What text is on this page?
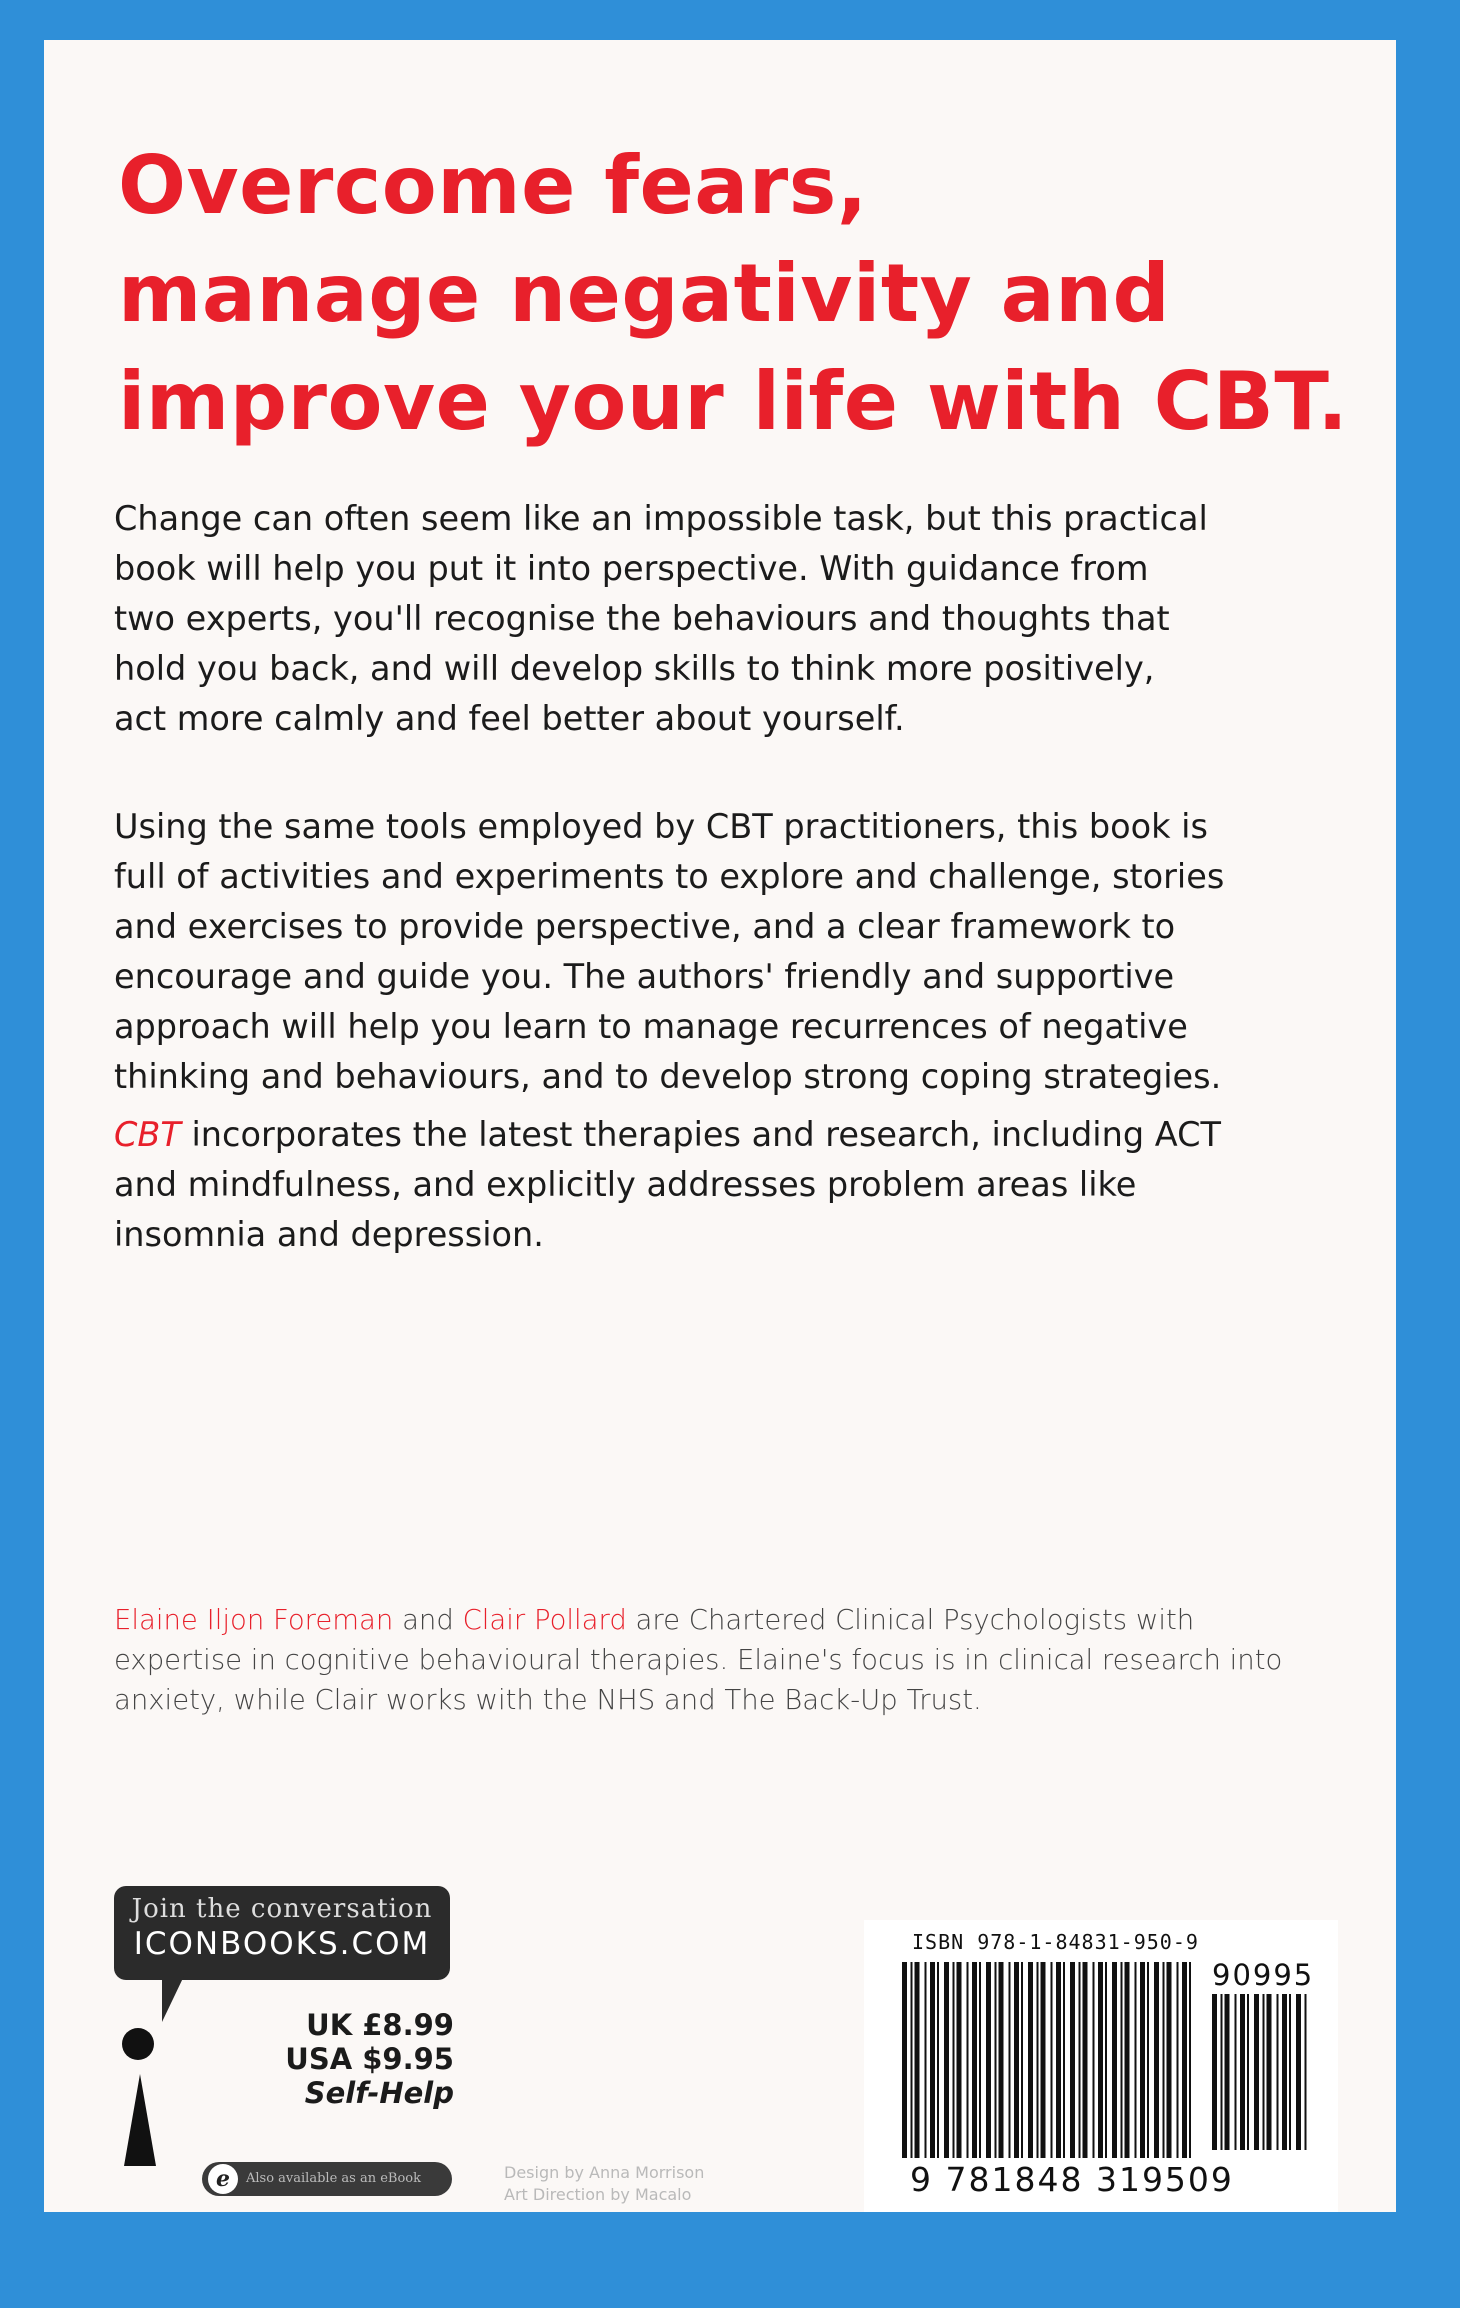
Overcome fears,
manage negativity and
improve your life with CBT.
Change can often seem like an impossible task, but this practical
book will help you put it into perspective. With guidance from
two experts, you'll recognise the behaviours and thoughts that
hold you back, and will develop skills to think more positively,
act more calmly and feel better about yourself.
Using the same tools employed by CBT practitioners, this book is
full of activities and experiments to explore and challenge, stories
and exercises to provide perspective, and a clear framework to
encourage and guide you. The authors' friendly and supportive
approach will help you learn to manage recurrences of negative
thinking and behaviours, and to develop strong coping strategies.
CBT incorporates the latest therapies and research, including ACT
and mindfulness, and explicitly addresses problem areas like
insomnia and depression.
Elaine Iljon Foreman and Clair Pollard are Chartered Clinical Psychologists with
expertise in cognitive behavioural therapies. Elaine's focus is in clinical research into
anxiety, while Clair works with the NHS and The Back-Up Trust.
Join the conversation
ICONBOOKS.COM
UK £8.99
USA $9.95
Self-Help
e Also available as an eBook	Design by Anna Morrison
Art Direction by Macalo
ISBN 978-1-84831-950-9
9 781848 319509
90995
